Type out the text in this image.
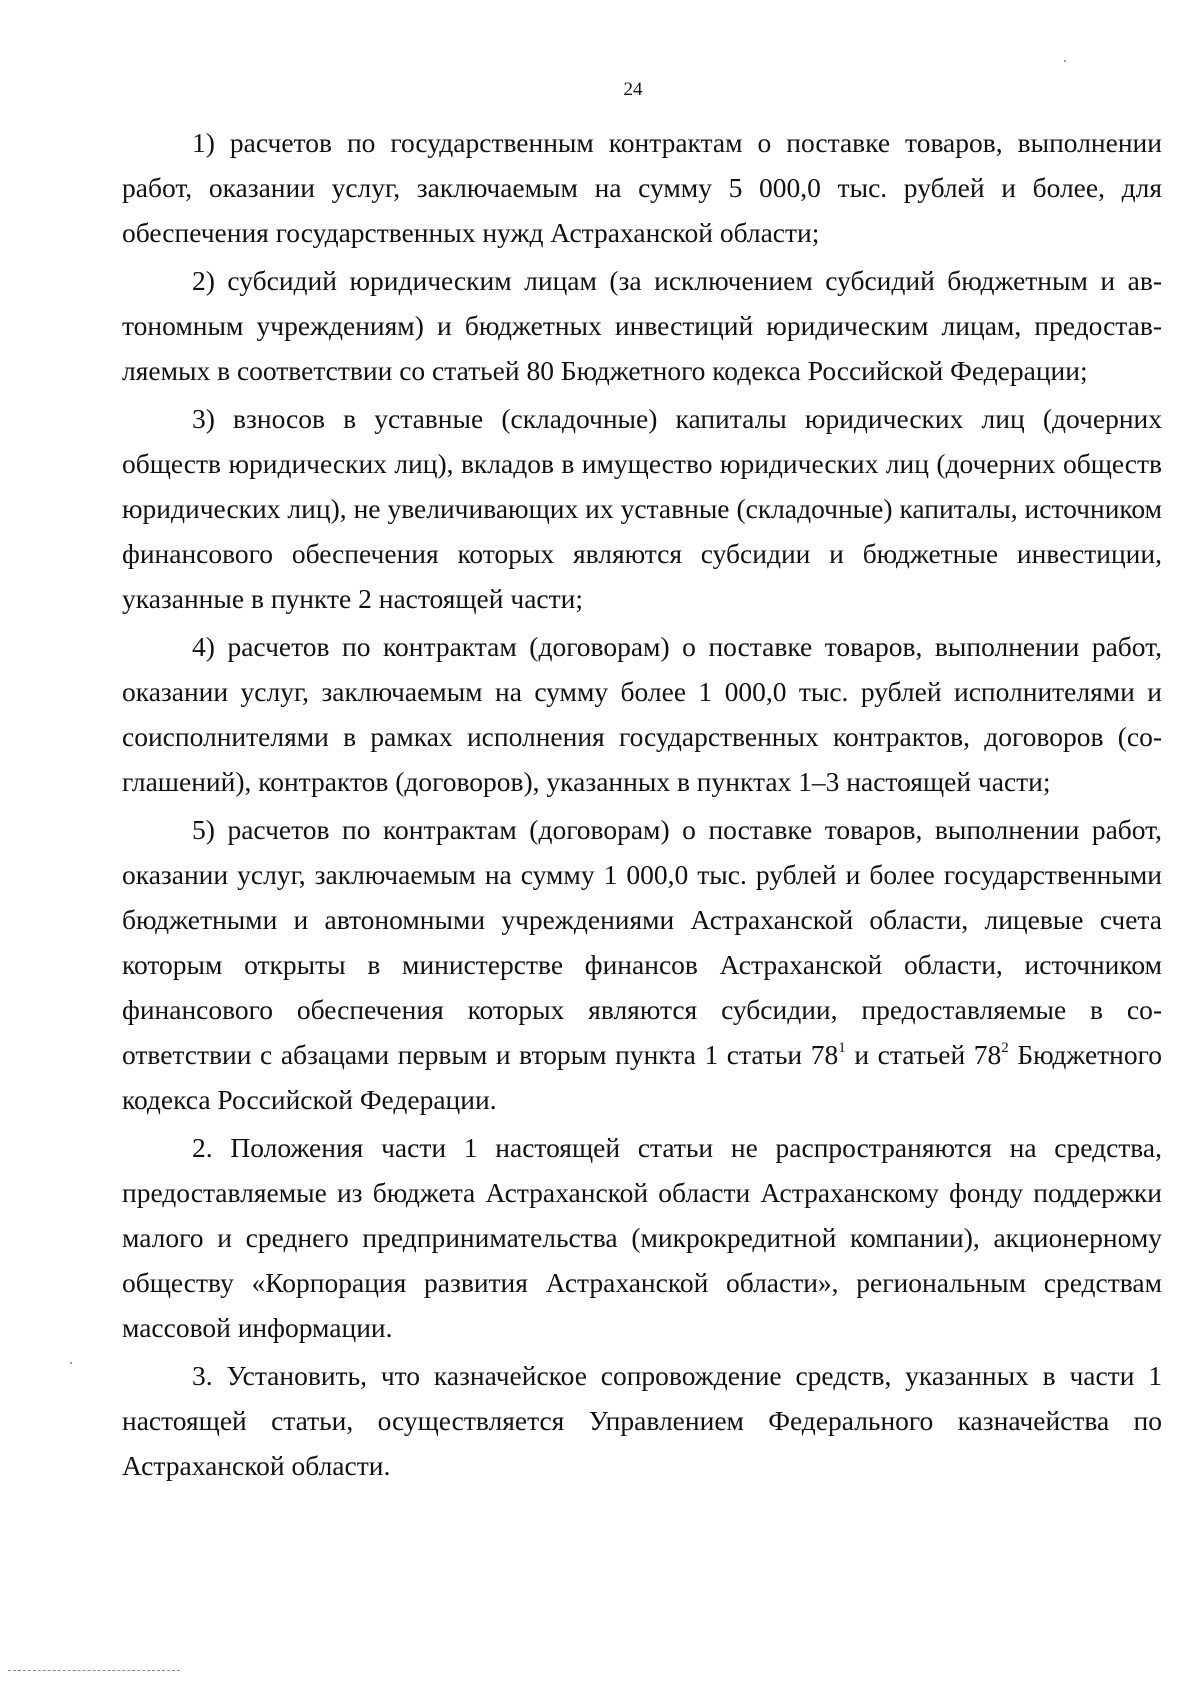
24

1) расчетов по государственным контрактам о поставке товаров, выполнении работ, оказании услуг, заключаемым на сумму 5 000,0 тыс. рублей и более, для обеспечения государственных нужд Астраханской области;

2) субсидий юридическим лицам (за исключением субсидий бюджетным и автономным учреждениям) и бюджетных инвестиций юридическим лицам, предоставляемых в соответствии со статьей 80 Бюджетного кодекса Российской Федерации;

3) взносов в уставные (складочные) капиталы юридических лиц (дочерних обществ юридических лиц), вкладов в имущество юридических лиц (дочерних обществ юридических лиц), не увеличивающих их уставные (складочные) капиталы, источником финансового обеспечения которых являются субсидии и бюджетные инвестиции, указанные в пункте 2 настоящей части;

4) расчетов по контрактам (договорам) о поставке товаров, выполнении работ, оказании услуг, заключаемым на сумму более 1 000,0 тыс. рублей исполнителями и соисполнителями в рамках исполнения государственных контрактов, договоров (соглашений), контрактов (договоров), указанных в пунктах 1–3 настоящей части;

5) расчетов по контрактам (договорам) о поставке товаров, выполнении работ, оказании услуг, заключаемым на сумму 1 000,0 тыс. рублей и более государственными бюджетными и автономными учреждениями Астраханской области, лицевые счета которым открыты в министерстве финансов Астраханской области, источником финансового обеспечения которых являются субсидии, предоставляемые в соответствии с абзацами первым и вторым пункта 1 статьи $78^1$ и статьей $78^2$ Бюджетного кодекса Российской Федерации.

2. Положения части 1 настоящей статьи не распространяются на средства, предоставляемые из бюджета Астраханской области Астраханскому фонду поддержки малого и среднего предпринимательства (микрокредитной компании), акционерному обществу «Корпорация развития Астраханской области», региональным средствам массовой информации.

3. Установить, что казначейское сопровождение средств, указанных в части 1 настоящей статьи, осуществляется Управлением Федерального казначейства по Астраханской области.
